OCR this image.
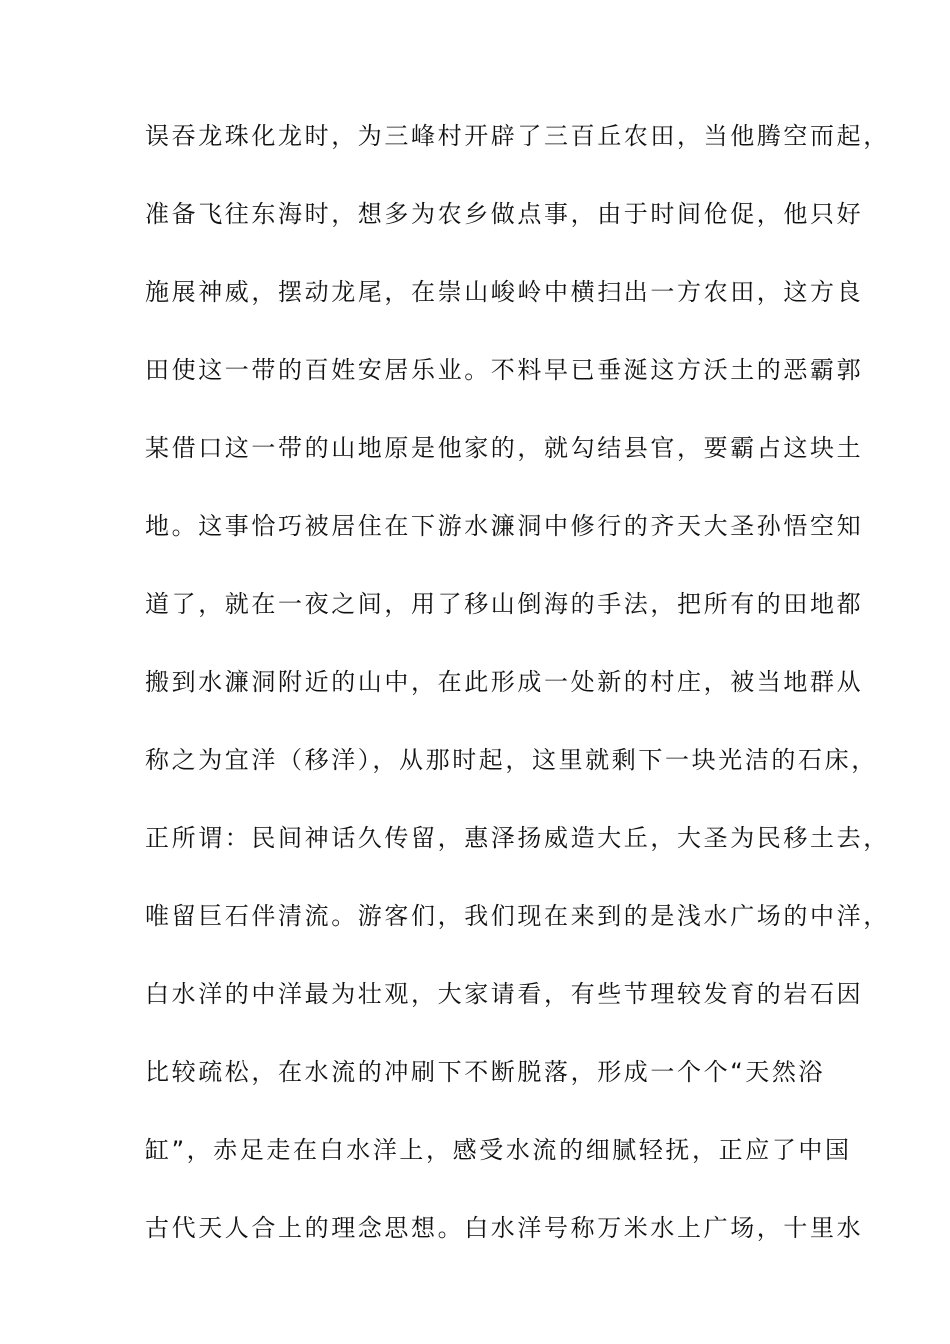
误吞龙珠化龙时，为三峰村开辟了三百丘农田，当他腾空而起，
准备飞往东海时，想多为农乡做点事，由于时间伧促，他只好
施展神威，摆动龙尾，在崇山峻岭中横扫出一方农田，这方良
田使这一带的百姓安居乐业。不料早已垂涎这方沃土的恶霸郭
某借口这一带的山地原是他家的，就勾结县官，要霸占这块土
地。这事恰巧被居住在下游水濂洞中修行的齐天大圣孙悟空知
道了，就在一夜之间，用了移山倒海的手法，把所有的田地都
搬到水濂洞附近的山中，在此形成一处新的村庄，被当地群从
称之为宜洋（移洋），从那时起，这里就剩下一块光洁的石床，
正所谓：民间神话久传留，惠泽扬威造大丘，大圣为民移土去，
唯留巨石伴清流。游客们，我们现在来到的是浅水广场的中洋，
白水洋的中洋最为壮观，大家请看，有些节理较发育的岩石因
比较疏松，在水流的冲刷下不断脱落，形成一个个“天然浴
缸”，赤足走在白水洋上，感受水流的细腻轻抚，正应了中国
古代天人合上的理念思想。白水洋号称万米水上广场，十里水
